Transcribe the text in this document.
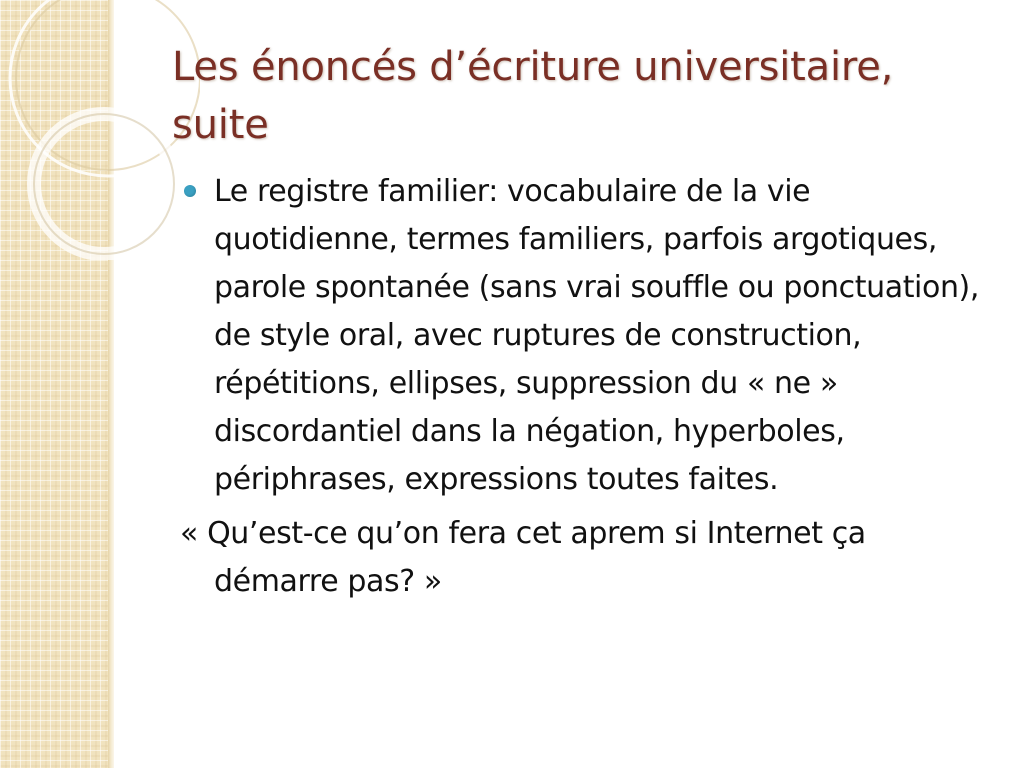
Les énoncés d’écriture universitaire, suite
Le registre familier: vocabulaire de la vie quotidienne, termes familiers, parfois argotiques, parole spontanée (sans vrai souffle ou ponctuation), de style oral, avec ruptures de construction, répétitions, ellipses, suppression du « ne » discordantiel dans la négation, hyperboles, périphrases, expressions toutes faites.
« Qu’est-ce qu’on fera cet aprem si Internet ça démarre pas? »
